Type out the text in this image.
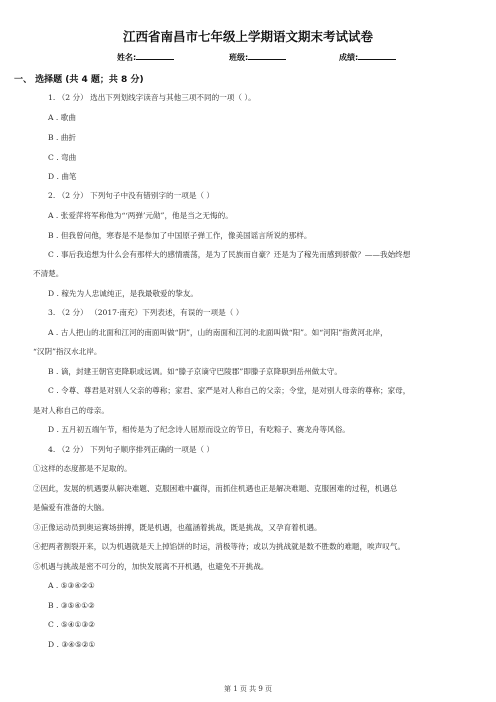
江西省南昌市七年级上学期语文期末考试试卷
姓名:	班级:	成绩:
一、 选择题 (共 4 题；共 8 分)
1. （2 分） 选出下列划线字读音与其他三项不同的一项（ ）。
A . 歌曲
B . 曲折
C . 弯曲
D . 曲笔
2. （2 分） 下列句子中没有错别字的一项是（ ）
A . 张爱萍将军称他为“‘两弹’元勋”，他是当之无悔的。
B . 但我曾问他，寒春是不是参加了中国原子弹工作，像美国谣言所说的那样。
C . 事后我追想为什么会有那样大的感情震荡，是为了民族而自豪？还是为了稼先而感到骄傲？——我始终想
不清楚。
D . 稼先为人忠诚纯正，是我最敬爱的挚友。
3. （2 分） （2017·南充）下列表述，有误的一项是（ ）
A . 古人把山的北面和江河的南面叫做“阴”，山的南面和江河的北面叫做“阳”。如“河阳”指黄河北岸，
“汉阴”指汉水北岸。
B . 谪，封建王朝官吏降职或远调。如“滕子京谪守巴陵郡”即滕子京降职到岳州做太守。
C . 令尊、尊君是对别人父亲的尊称；家君、家严是对人称自己的父亲；令堂，是对别人母亲的尊称；家母，
是对人称自己的母亲。
D . 五月初五端午节，相传是为了纪念诗人屈原而设立的节日，有吃粽子、赛龙舟等风俗。
4. （2 分） 下列句子顺序排列正确的一项是（ ）
①这样的态度都是不足取的。
②因此，发展的机遇要从解决难题、克服困难中赢得，而抓住机遇也正是解决难题、克服困难的过程，机遇总
是偏爱有准备的大脑。
③正像运动员到奥运赛场拼搏，既是机遇，也蕴涵着挑战，既是挑战，又孕育着机遇。
④把两者割裂开来，以为机遇就是天上掉馅饼的时运，消极等待；或以为挑战就是数不胜数的难题，唉声叹气。
⑤机遇与挑战是密不可分的，加快发展离不开机遇，也避免不开挑战。
A . ⑤③④②①
B . ③⑤④①②
C . ⑤④①③②
D . ③④⑤②①
第 1 页 共 9 页
